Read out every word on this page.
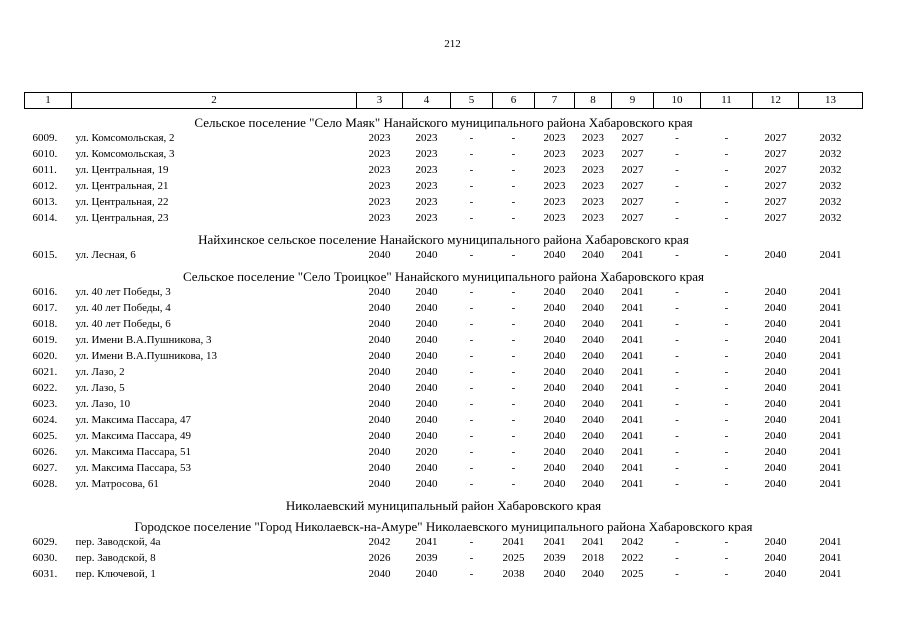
212
1	2	3	4	5	6	7	8	9	10	11	12	13
Сельское поселение "Село Маяк" Нанайского муниципального района Хабаровского края												
6009.	ул. Комсомольская, 2	2023	2023	-	-	2023	2023	2027	-	-	2027	2032
6010.	ул. Комсомольская, 3	2023	2023	-	-	2023	2023	2027	-	-	2027	2032
6011.	ул. Центральная, 19	2023	2023	-	-	2023	2023	2027	-	-	2027	2032
6012.	ул. Центральная, 21	2023	2023	-	-	2023	2023	2027	-	-	2027	2032
6013.	ул. Центральная, 22	2023	2023	-	-	2023	2023	2027	-	-	2027	2032
6014.	ул. Центральная, 23	2023	2023	-	-	2023	2023	2027	-	-	2027	2032
Найхинское сельское поселение Нанайского муниципального района Хабаровского края												
6015.	ул. Лесная, 6	2040	2040	-	-	2040	2040	2041	-	-	2040	2041
Сельское поселение "Село Троицкое" Нанайского муниципального района Хабаровского края												
6016.	ул. 40 лет Победы, 3	2040	2040	-	-	2040	2040	2041	-	-	2040	2041
6017.	ул. 40 лет Победы, 4	2040	2040	-	-	2040	2040	2041	-	-	2040	2041
6018.	ул. 40 лет Победы, 6	2040	2040	-	-	2040	2040	2041	-	-	2040	2041
6019.	ул. Имени В.А.Пушникова, 3	2040	2040	-	-	2040	2040	2041	-	-	2040	2041
6020.	ул. Имени В.А.Пушникова, 13	2040	2040	-	-	2040	2040	2041	-	-	2040	2041
6021.	ул. Лазо, 2	2040	2040	-	-	2040	2040	2041	-	-	2040	2041
6022.	ул. Лазо, 5	2040	2040	-	-	2040	2040	2041	-	-	2040	2041
6023.	ул. Лазо, 10	2040	2040	-	-	2040	2040	2041	-	-	2040	2041
6024.	ул. Максима Пассара, 47	2040	2040	-	-	2040	2040	2041	-	-	2040	2041
6025.	ул. Максима Пассара, 49	2040	2040	-	-	2040	2040	2041	-	-	2040	2041
6026.	ул. Максима Пассара, 51	2040	2020	-	-	2040	2040	2041	-	-	2040	2041
6027.	ул. Максима Пассара, 53	2040	2040	-	-	2040	2040	2041	-	-	2040	2041
6028.	ул. Матросова, 61	2040	2040	-	-	2040	2040	2041	-	-	2040	2041
Николаевский муниципальный район Хабаровского края												
Городское поселение "Город Николаевск-на-Амуре" Николаевского муниципального района Хабаровского края												
6029.	пер. Заводской, 4а	2042	2041	-	2041	2041	2041	2042	-	-	2040	2041
6030.	пер. Заводской, 8	2026	2039	-	2025	2039	2018	2022	-	-	2040	2041
6031.	пер. Ключевой, 1	2040	2040	-	2038	2040	2040	2025	-	-	2040	2041
